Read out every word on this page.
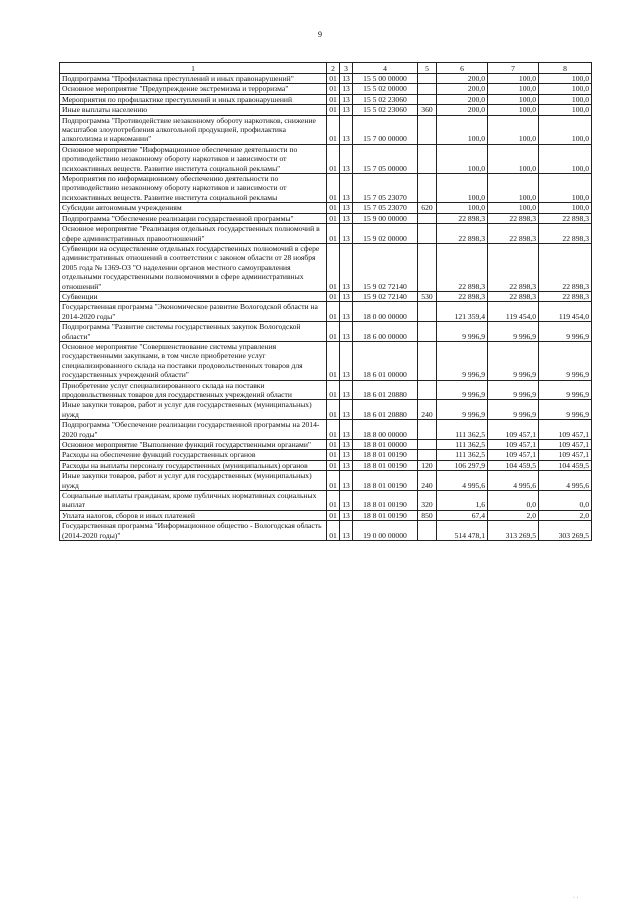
9
1	2	3	4	5	6	7	8
Подпрограмма "Профилактика преступлений и иных правонарушений"	01	13	15 5 00 00000		200,0	100,0	100,0
Основное мероприятие "Предупреждение экстремизма и терроризма"	01	13	15 5 02 00000		200,0	100,0	100,0
Мероприятия по профилактике преступлений и иных правонарушений	01	13	15 5 02 23060		200,0	100,0	100,0
Иные выплаты населению	01	13	15 5 02 23060	360	200,0	100,0	100,0
Подпрограмма "Противодействие незаконному обороту наркотиков, снижение масштабов злоупотребления алкогольной продукцией, профилактика алкоголизма и наркомании"	01	13	15 7 00 00000		100,0	100,0	100,0
Основное мероприятие "Информационное обеспечение деятельности по противодействию незаконному обороту наркотиков и зависимости от психоактивных веществ. Развитие института социальной рекламы"	01	13	15 7 05 00000		100,0	100,0	100,0
Мероприятия по информационному обеспечению деятельности по противодействию незаконному обороту наркотиков и зависимости от психоактивных веществ. Развитие института социальной рекламы	01	13	15 7 05 23070		100,0	100,0	100,0
Субсидии автономным учреждениям	01	13	15 7 05 23070	620	100,0	100,0	100,0
Подпрограмма "Обеспечение реализации государственной программы"	01	13	15 9 00 00000		22 898,3	22 898,3	22 898,3
Основное мероприятие "Реализация отдельных государственных полномочий в сфере административных правоотношений"	01	13	15 9 02 00000		22 898,3	22 898,3	22 898,3
Субвенции на осуществление отдельных государственных полномочий в сфере административных отношений в соответствии с законом области от 28 ноября 2005 года № 1369-ОЗ "О наделении органов местного самоуправления отдельными государственными полномочиями в сфере административных отношений"	01	13	15 9 02 72140		22 898,3	22 898,3	22 898,3
Субвенции	01	13	15 9 02 72140	530	22 898,3	22 898,3	22 898,3
Государственная программа "Экономическое развитие Вологодской области на 2014-2020 годы"	01	13	18 0 00 00000		121 359,4	119 454,0	119 454,0
Подпрограмма "Развитие системы государственных закупок Вологодской области"	01	13	18 6 00 00000		9 996,9	9 996,9	9 996,9
Основное мероприятие "Совершенствование системы управления государственными закупками, в том числе приобретение услуг специализированного склада на поставки продовольственных товаров для государственных учреждений области"	01	13	18 6 01 00000		9 996,9	9 996,9	9 996,9
Приобретение услуг специализированного склада на поставки продовольственных товаров для государственных учреждений области	01	13	18 6 01 20880		9 996,9	9 996,9	9 996,9
Иные закупки товаров, работ и услуг для государственных (муниципальных) нужд	01	13	18 6 01 20880	240	9 996,9	9 996,9	9 996,9
Подпрограмма "Обеспечение реализации государственной программы на 2014-2020 годы"	01	13	18 8 00 00000		111 362,5	109 457,1	109 457,1
Основное мероприятие "Выполнение функций государственными органами"	01	13	18 8 01 00000		111 362,5	109 457,1	109 457,1
Расходы на обеспечение функций государственных органов	01	13	18 8 01 00190		111 362,5	109 457,1	109 457,1
Расходы на выплаты персоналу государственных (муниципальных) органов	01	13	18 8 01 00190	120	106 297,9	104 459,5	104 459,5
Иные закупки товаров, работ и услуг для государственных (муниципальных) нужд	01	13	18 8 01 00190	240	4 995,6	4 995,6	4 995,6
Социальные выплаты гражданам, кроме публичных нормативных социальных выплат	01	13	18 8 01 00190	320	1,6	0,0	0,0
Уплата налогов, сборов и иных платежей	01	13	18 8 01 00190	850	67,4	2,0	2,0
Государственная программа "Информационное общество - Вологодская область (2014-2020 годы)"	01	13	19 0 00 00000		514 478,1	313 269,5	303 269,5
· ·
